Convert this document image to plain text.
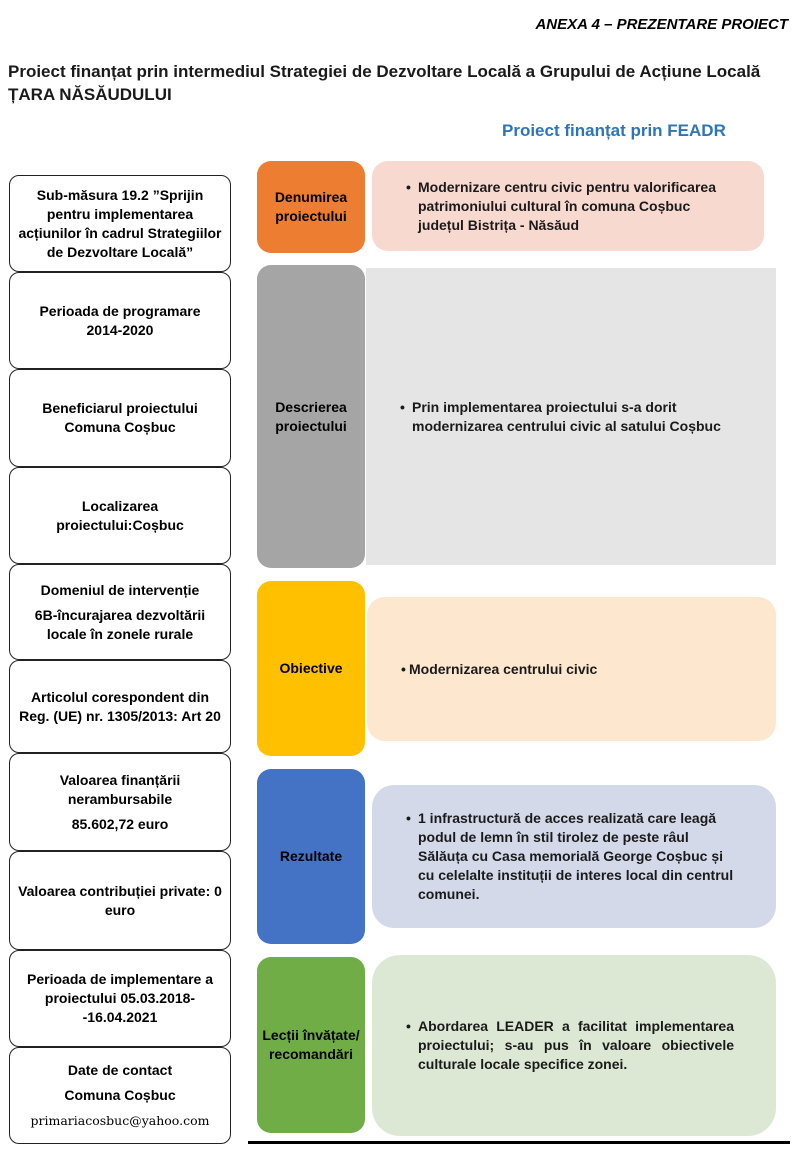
ANEXA 4 – PREZENTARE PROIECT
Proiect finanțat prin intermediul Strategiei de Dezvoltare Locală a Grupului de Acțiune Locală ȚARA NĂSĂUDULUI
Proiect finanțat prin FEADR
Sub-măsura 19.2 ”Sprijin pentru implementarea acțiunilor în cadrul Strategiilor de Dezvoltare Locală”
Perioada de programare
2014-2020
Beneficiarul proiectului
Comuna Coșbuc
Localizarea
proiectului:Coșbuc
Domeniul de intervenție
6B-încurajarea dezvoltării locale în zonele rurale
Articolul corespondent din Reg. (UE) nr. 1305/2013: Art 20
Valoarea finanțării nerambursabile
85.602,72 euro
Valoarea contribuției private: 0 euro
Perioada de implementare a proiectului 05.03.2018--16.04.2021
Date de contact
Comuna Coșbuc
primariacosbuc@yahoo.com
Denumirea proiectului
Descrierea proiectului
Obiective
Rezultate
Lecții învățate/ recomandări
• Modernizare centru civic pentru valorificarea patrimoniului cultural în comuna Coșbuc județul Bistrița - Năsăud
• Prin implementarea proiectului s-a dorit modernizarea centrului civic al satului Coșbuc
• Modernizarea centrului civic
• 1 infrastructură de acces realizată care leagă podul de lemn în stil tirolez de peste râul Sălăuța cu Casa memorială George Coșbuc și cu celelalte instituții de interes local din centrul comunei.
• Abordarea LEADER a facilitat implementarea proiectului; s-au pus în valoare obiectivele culturale locale specifice zonei.
